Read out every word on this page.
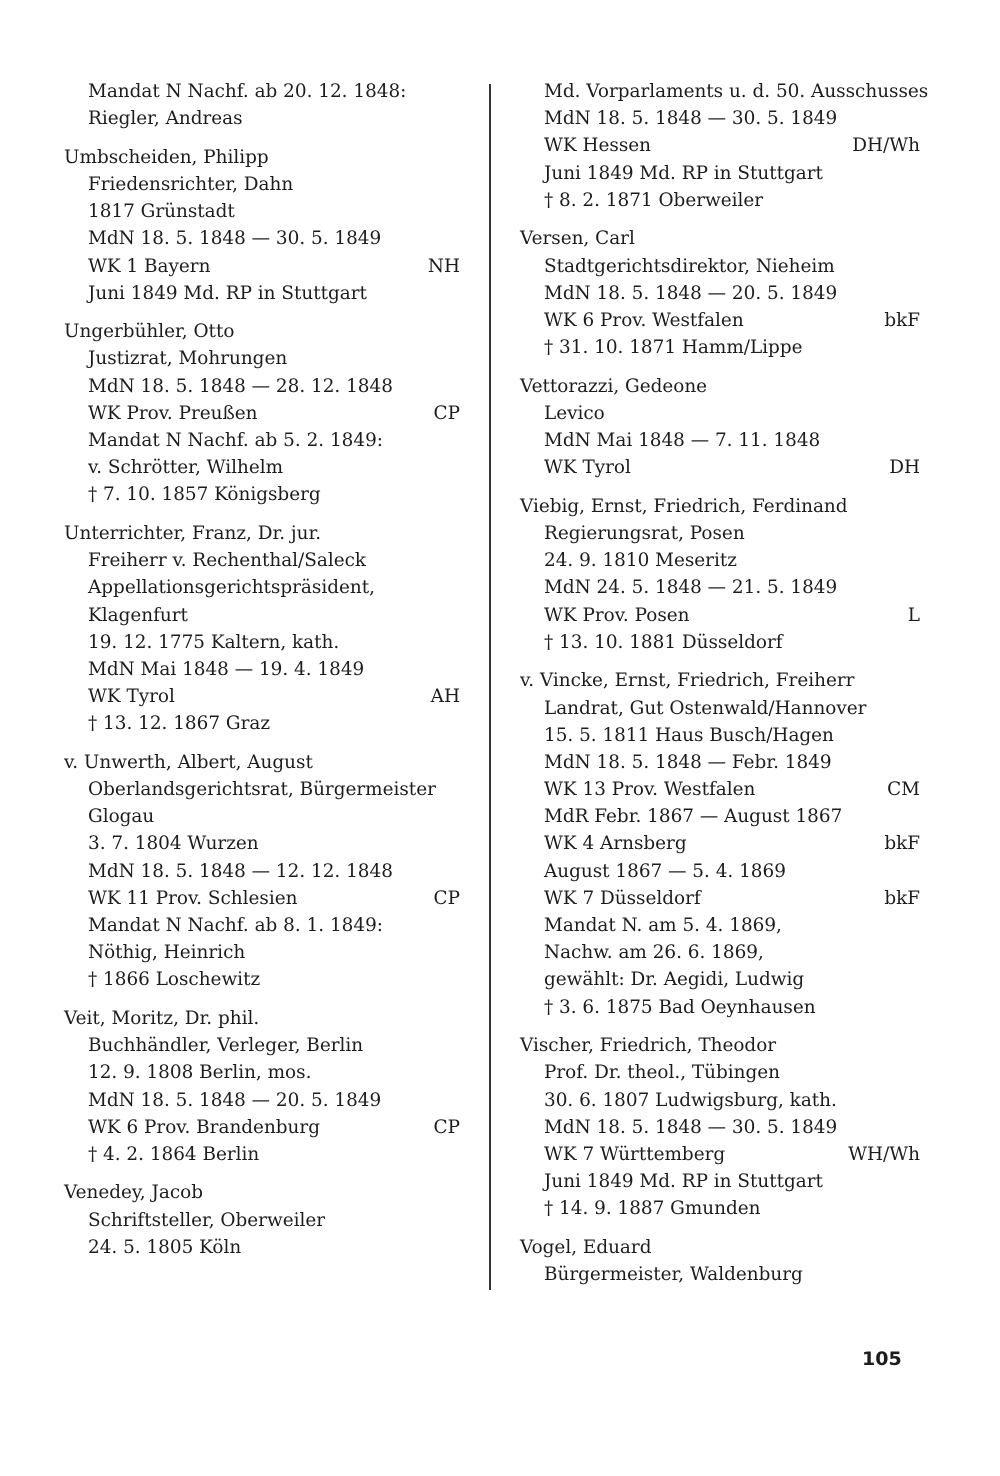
Mandat N Nachf. ab 20. 12. 1848:
Riegler, Andreas
Umbscheiden, Philipp
Friedensrichter, Dahn
1817 Grünstadt
MdN 18. 5. 1848 — 30. 5. 1849
WK 1 Bayern	NH
Juni 1849 Md. RP in Stuttgart
Ungerbühler, Otto
Justizrat, Mohrungen
MdN 18. 5. 1848 — 28. 12. 1848
WK Prov. Preußen	CP
Mandat N Nachf. ab 5. 2. 1849:
v. Schrötter, Wilhelm
† 7. 10. 1857 Königsberg
Unterrichter, Franz, Dr. jur.
Freiherr v. Rechenthal/Saleck
Appellationsgerichtspräsident,
Klagenfurt
19. 12. 1775 Kaltern, kath.
MdN Mai 1848 — 19. 4. 1849
WK Tyrol	AH
† 13. 12. 1867 Graz
v. Unwerth, Albert, August
Oberlandsgerichtsrat, Bürgermeister
Glogau
3. 7. 1804 Wurzen
MdN 18. 5. 1848 — 12. 12. 1848
WK 11 Prov. Schlesien	CP
Mandat N Nachf. ab 8. 1. 1849:
Nöthig, Heinrich
† 1866 Loschewitz
Veit, Moritz, Dr. phil.
Buchhändler, Verleger, Berlin
12. 9. 1808 Berlin, mos.
MdN 18. 5. 1848 — 20. 5. 1849
WK 6 Prov. Brandenburg	CP
† 4. 2. 1864 Berlin
Venedey, Jacob
Schriftsteller, Oberweiler
24. 5. 1805 Köln
Md. Vorparlaments u. d. 50. Ausschusses
MdN 18. 5. 1848 — 30. 5. 1849
WK Hessen	DH/Wh
Juni 1849 Md. RP in Stuttgart
† 8. 2. 1871 Oberweiler
Versen, Carl
Stadtgerichtsdirektor, Nieheim
MdN 18. 5. 1848 — 20. 5. 1849
WK 6 Prov. Westfalen	bkF
† 31. 10. 1871 Hamm/Lippe
Vettorazzi, Gedeone
Levico
MdN Mai 1848 — 7. 11. 1848
WK Tyrol	DH
Viebig, Ernst, Friedrich, Ferdinand
Regierungsrat, Posen
24. 9. 1810 Meseritz
MdN 24. 5. 1848 — 21. 5. 1849
WK Prov. Posen	L
† 13. 10. 1881 Düsseldorf
v. Vincke, Ernst, Friedrich, Freiherr
Landrat, Gut Ostenwald/Hannover
15. 5. 1811 Haus Busch/Hagen
MdN 18. 5. 1848 — Febr. 1849
WK 13 Prov. Westfalen	CM
MdR Febr. 1867 — August 1867
WK 4 Arnsberg	bkF
August 1867 — 5. 4. 1869
WK 7 Düsseldorf	bkF
Mandat N. am 5. 4. 1869,
Nachw. am 26. 6. 1869,
gewählt: Dr. Aegidi, Ludwig
† 3. 6. 1875 Bad Oeynhausen
Vischer, Friedrich, Theodor
Prof. Dr. theol., Tübingen
30. 6. 1807 Ludwigsburg, kath.
MdN 18. 5. 1848 — 30. 5. 1849
WK 7 Württemberg	WH/Wh
Juni 1849 Md. RP in Stuttgart
† 14. 9. 1887 Gmunden
Vogel, Eduard
Bürgermeister, Waldenburg
105
